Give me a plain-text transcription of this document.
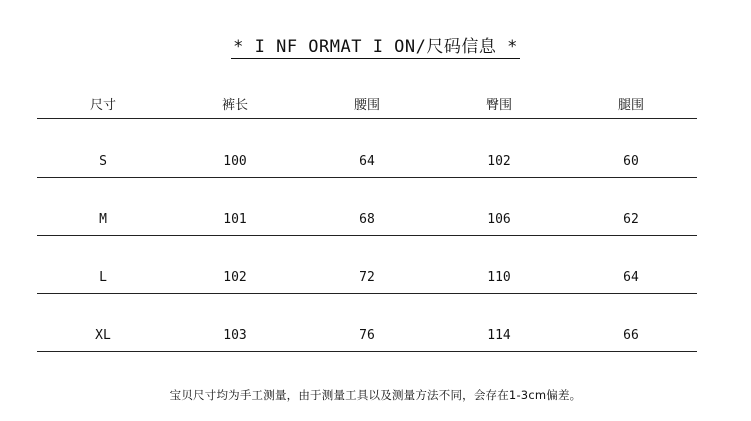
* I NF ORMAT I ON/尺码信息 *
尺寸	裤长	腰围	臀围	腿围
S	100	64	102	60
M	101	68	106	62
L	102	72	110	64
XL	103	76	114	66
宝贝尺寸均为手工测量，由于测量工具以及测量方法不同，会存在1-3cm偏差。
